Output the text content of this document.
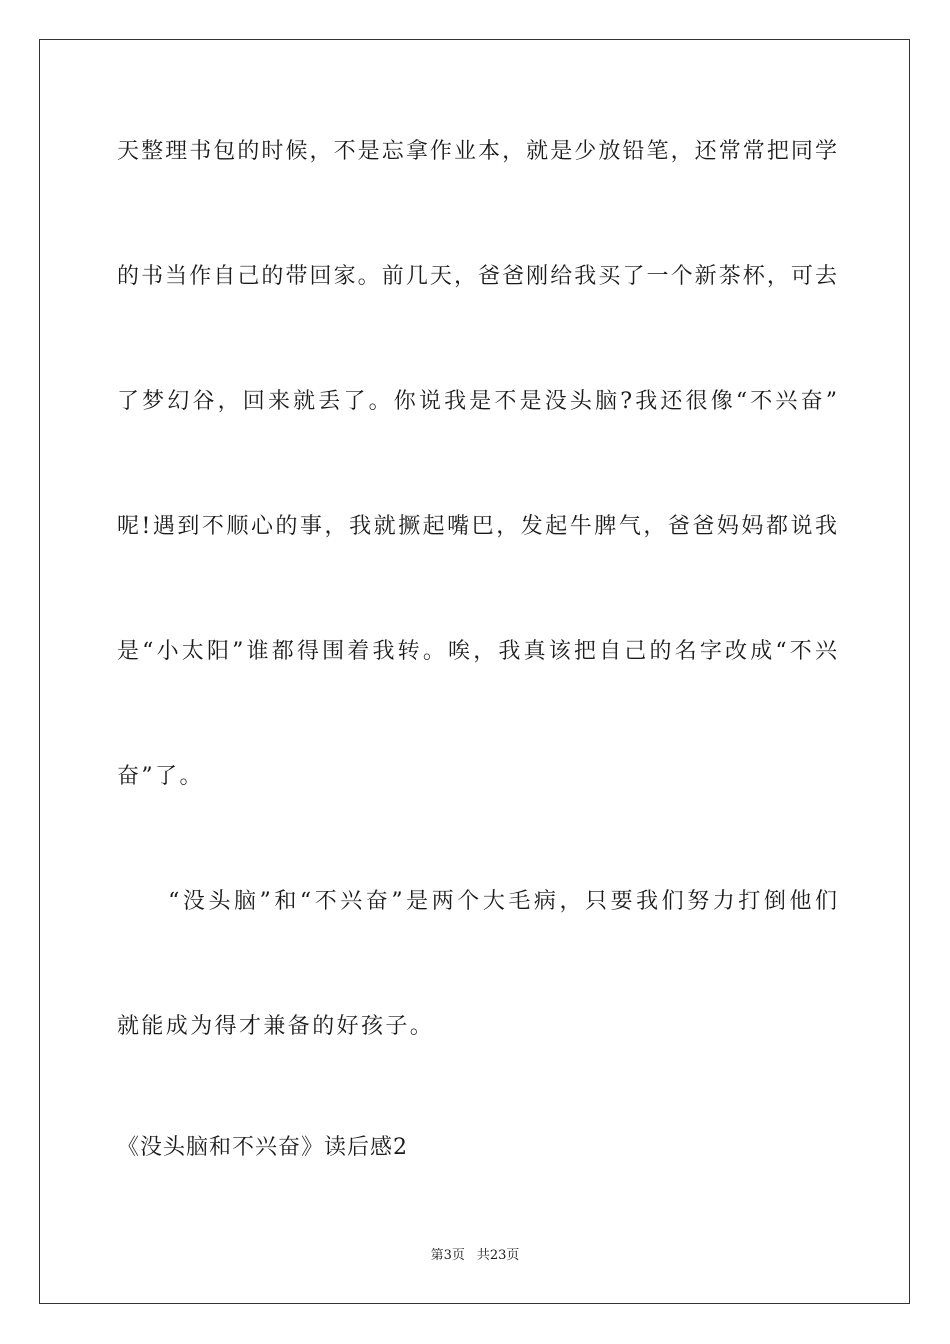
天整理书包的时候，不是忘拿作业本，就是少放铅笔，还常常把同学
的书当作自己的带回家。前几天，爸爸刚给我买了一个新茶杯，可去
了梦幻谷，回来就丢了。你说我是不是没头脑?我还很像“不兴奋”
呢!遇到不顺心的事，我就撅起嘴巴，发起牛脾气，爸爸妈妈都说我
是“小太阳”谁都得围着我转。唉，我真该把自己的名字改成“不兴
奋”了。
　　“没头脑”和“不兴奋”是两个大毛病，只要我们努力打倒他们
就能成为得才兼备的好孩子。
《没头脑和不兴奋》读后感2
第3页 共23页
